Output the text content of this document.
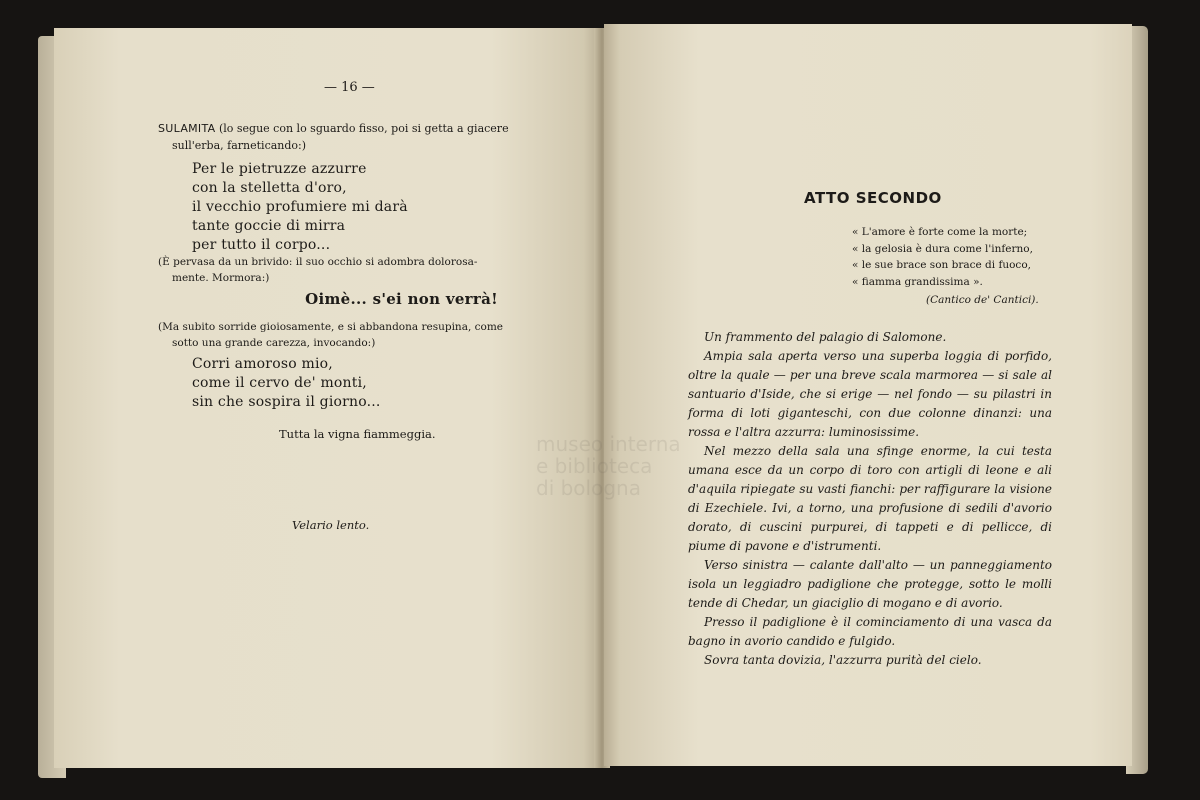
— 16 —
SULAMITA (lo segue con lo sguardo fisso, poi si getta a giacere
sull'erba, farneticando:)
Per le pietruzze azzurre
con la stelletta d'oro,
il vecchio profumiere mi darà
tante goccie di mirra
per tutto il corpo...
(È pervasa da un brivido: il suo occhio si adombra dolorosa-
mente. Mormora:)
Oimè... s'ei non verrà!
(Ma subito sorride gioiosamente, e si abbandona resupina, come
sotto una grande carezza, invocando:)
Corri amoroso mio,
come il cervo de' monti,
sin che sospira il giorno...
Tutta la vigna fiammeggia.
Velario lento.
ATTO SECONDO
« L'amore è forte come la morte;
« la gelosia è dura come l'inferno,
« le sue brace son brace di fuoco,
« fiamma grandissima ».
(Cantico de' Cantici).

Un frammento del palagio di Salomone.

Ampia sala aperta verso una superba loggia di porfido, oltre la quale — per una breve scala marmorea — si sale al santuario d'Iside, che si erige — nel fondo — su pilastri in forma di loti giganteschi, con due colonne dinanzi: una rossa e l'altra azzurra: luminosissime.

Nel mezzo della sala una sfinge enorme, la cui testa umana esce da un corpo di toro con artigli di leone e ali d'aquila ripiegate su vasti fianchi: per raffigurare la visione di Ezechiele. Ivi, a torno, una profusione di sedili d'avorio dorato, di cuscini purpurei, di tappeti e di pellicce, di piume di pavone e d'istrumenti.

Verso sinistra — calante dall'alto — un panneggiamento isola un leggiadro padiglione che protegge, sotto le molli tende di Chedar, un giaciglio di mogano e di avorio.

Presso il padiglione è il cominciamento di una vasca da bagno in avorio candido e fulgido.

Sovra tanta dovizia, l'azzurra purità del cielo.
